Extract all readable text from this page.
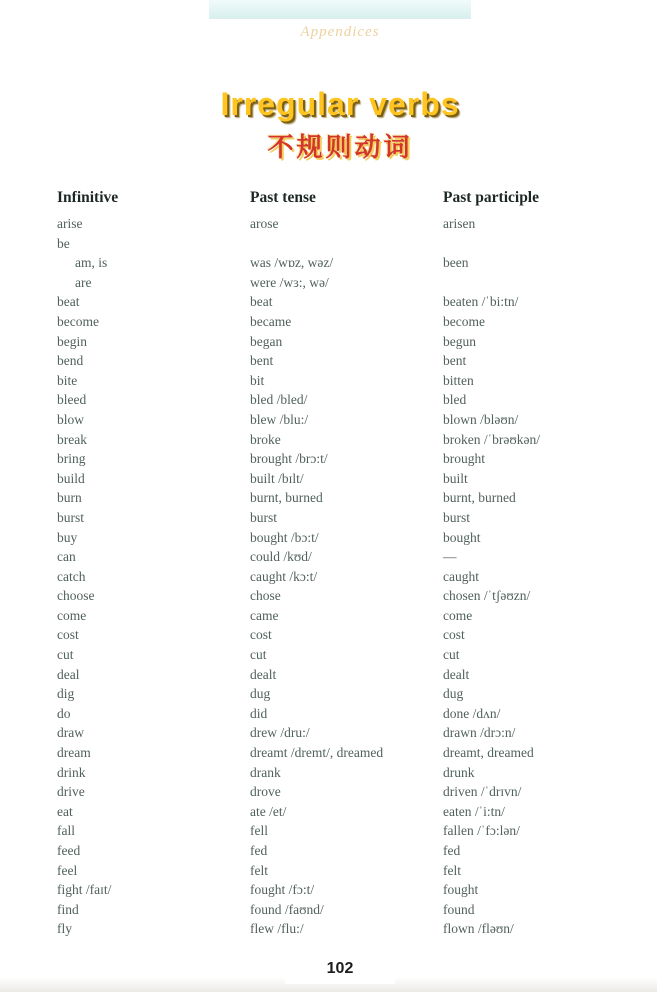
Appendices
Irregular verbs
不规则动词
Infinitive	Past tense	Past participle
arise	arose	arisen
be
am, is	was /wɒz, wəz/	been
are	were /wɜ:, wə/
beat	beat	beaten /ˈbi:tn/
become	became	become
begin	began	begun
bend	bent	bent
bite	bit	bitten
bleed	bled /bled/	bled
blow	blew /blu:/	blown /bləʊn/
break	broke	broken /ˈbrəʊkən/
bring	brought /brɔ:t/	brought
build	built /bɪlt/	built
burn	burnt, burned	burnt, burned
burst	burst	burst
buy	bought /bɔ:t/	bought
can	could /kʊd/	—
catch	caught /kɔ:t/	caught
choose	chose	chosen /ˈtʃəʊzn/
come	came	come
cost	cost	cost
cut	cut	cut
deal	dealt	dealt
dig	dug	dug
do	did	done /dʌn/
draw	drew /dru:/	drawn /drɔ:n/
dream	dreamt /dremt/, dreamed	dreamt, dreamed
drink	drank	drunk
drive	drove	driven /ˈdrɪvn/
eat	ate /et/	eaten /ˈi:tn/
fall	fell	fallen /ˈfɔ:lən/
feed	fed	fed
feel	felt	felt
fight /faɪt/	fought /fɔ:t/	fought
find	found /faʊnd/	found
fly	flew /flu:/	flown /fləʊn/
102
